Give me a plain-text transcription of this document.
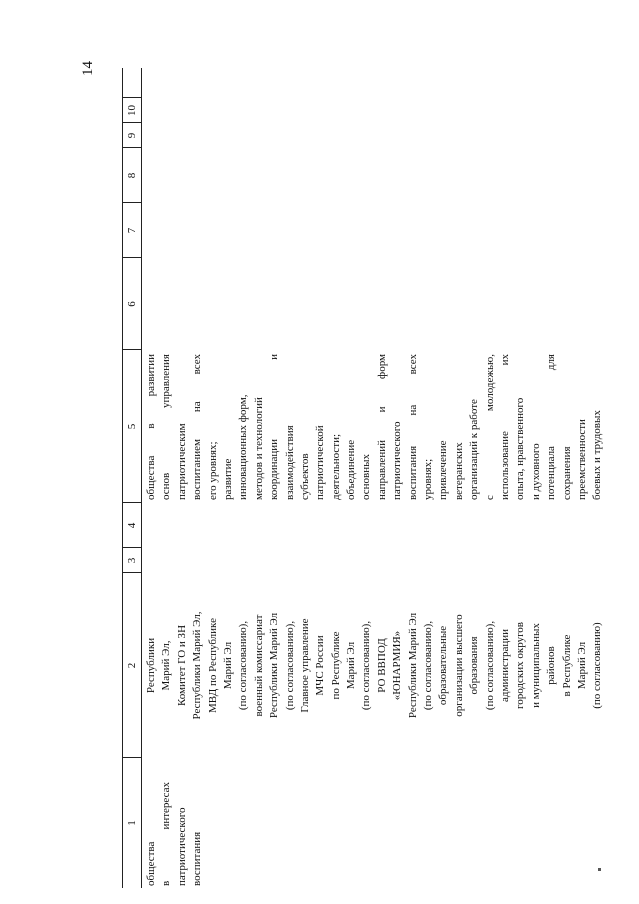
14
1
2
3
4
5
6
7
8
9
10
общества в
интересах
патриотического воспитания
Республики Марий Эл, Комитет ГО и ЗН Республики Марий Эл, МВД по Республике Марий Эл (по согласованию), военный комиссариат Республики Марий Эл (по согласованию), Главное управление МЧС России по Республике Марий Эл (по согласованию), РО ВВПОД «ЮНАРМИЯ» Республики Марий Эл (по согласованию), образовательные организации высшего образования (по согласованию), администрации городских округов и муниципальных районов в Республике Марий Эл (по согласованию)
общества
в
развитии
основ
управления
патриотическим воспитанием
на
всех
его уровнях; развитие инновационных форм, методов и технологий координации
и
взаимодействия субъектов патриотической деятельности; объединение основных направлений
и
форм
патриотического воспитания
на
всех
уровнях; привлечение ветеранских организаций к работе с
молодежью,
использование
их
опыта, нравственного и духовного потенциала
для
сохранения преемственности боевых и трудовых
